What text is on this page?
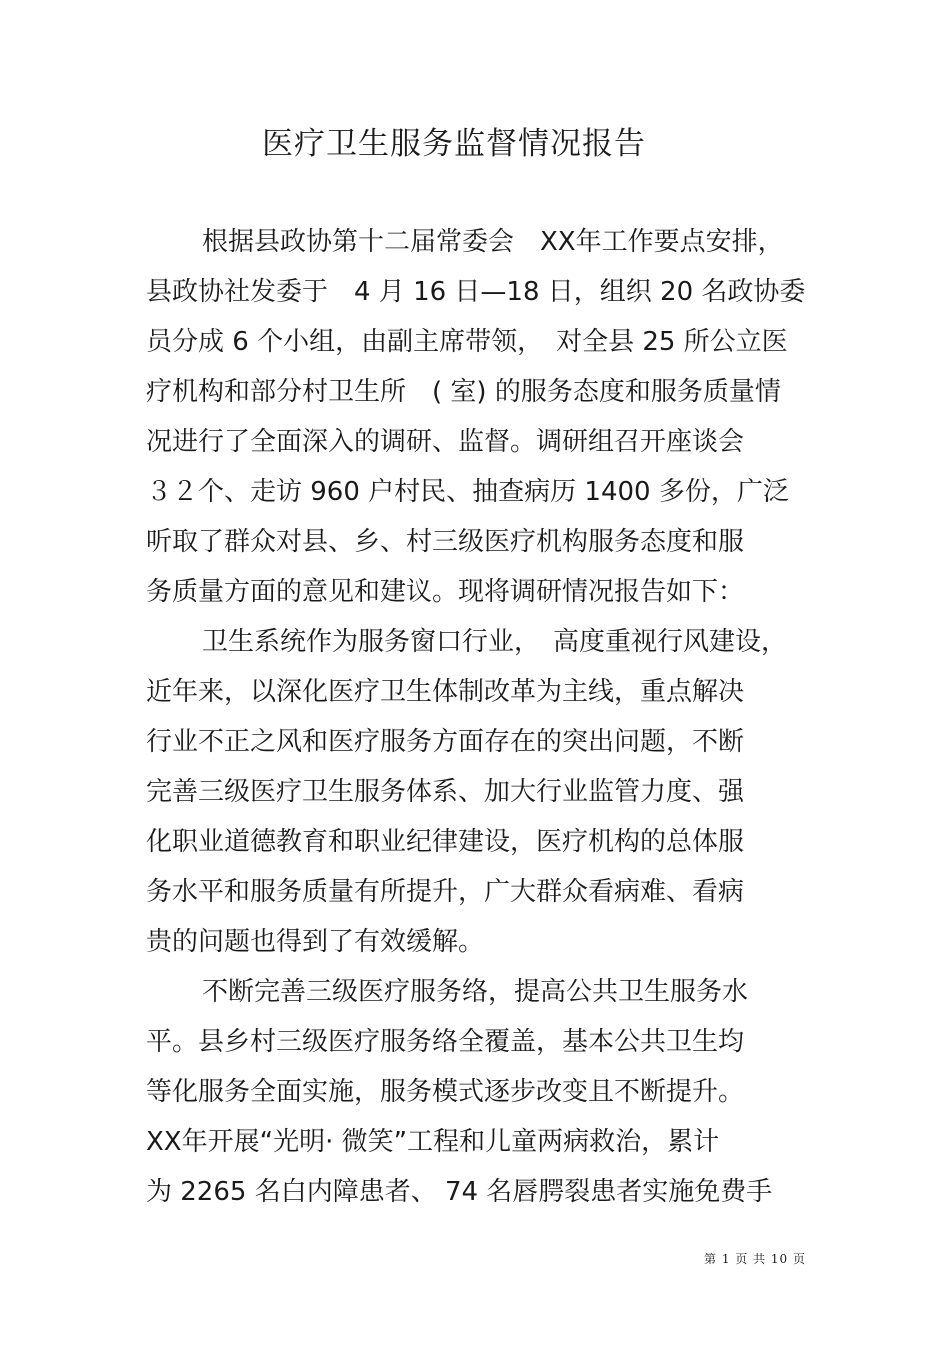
医疗卫生服务监督情况报告

根据县政协第十二届常委会　XX年工作要点安排，

县政协社发委于　4 月 16 日—18 日，组织 20 名政协委

员分成 6 个小组，由副主席带领，　对全县 25 所公立医

疗机构和部分村卫生所　( 室) 的服务态度和服务质量情

况进行了全面深入的调研、监督。调研组召开座谈会

３２个、走访 960 户村民、抽查病历 1400 多份，广泛

听取了群众对县、乡、村三级医疗机构服务态度和服

务质量方面的意见和建议。现将调研情况报告如下：

卫生系统作为服务窗口行业，　高度重视行风建设，

近年来，以深化医疗卫生体制改革为主线，重点解决

行业不正之风和医疗服务方面存在的突出问题，不断

完善三级医疗卫生服务体系、加大行业监管力度、强

化职业道德教育和职业纪律建设，医疗机构的总体服

务水平和服务质量有所提升，广大群众看病难、看病

贵的问题也得到了有效缓解。

不断完善三级医疗服务络，提高公共卫生服务水

平。县乡村三级医疗服务络全覆盖，基本公共卫生均

等化服务全面实施，服务模式逐步改变且不断提升。

XX年开展“光明· 微笑”工程和儿童两病救治，累计

为 2265 名白内障患者、 74 名唇腭裂患者实施免费手

第 1 页 共 10 页
